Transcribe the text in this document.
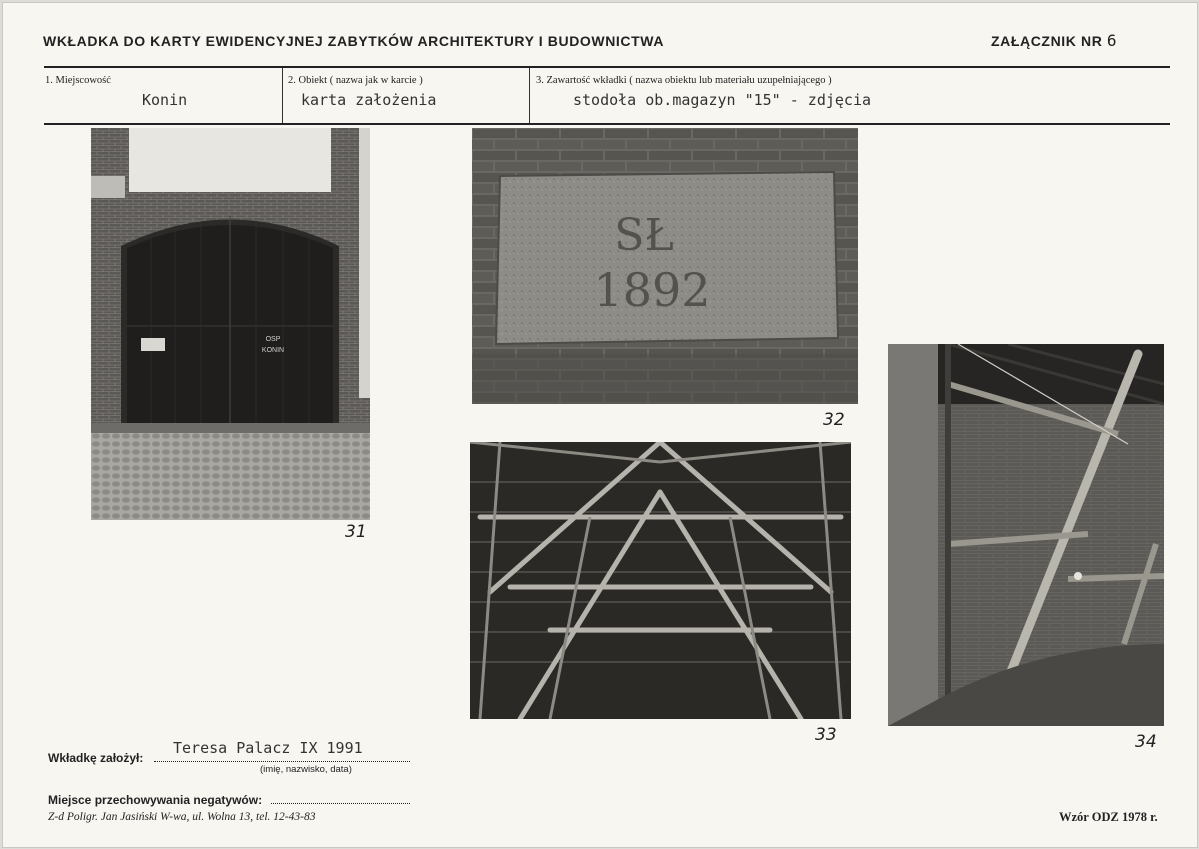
WKŁADKA DO KARTY EWIDENCYJNEJ ZABYTKÓW ARCHITEKTURY I BUDOWNICTWA	ZAŁĄCZNIK NR 6
1. Miejscowość
Konin
2. Obiekt ( nazwa jak w karcie )
karta założenia
3. Zawartość wkładki ( nazwa obiektu lub materiału uzupełniającego )
stodoła ob.magazyn "15" - zdjęcia
OSP
KONIN
31
SŁ
1892
32
33	34
Wkładkę założył:
Teresa Palacz IX 1991
(imię, nazwisko, data)
Miejsce przechowywania negatywów:
Z-d Poligr. Jan Jasiński W-wa, ul. Wolna 13, tel. 12-43-83	Wzór ODZ 1978 r.
